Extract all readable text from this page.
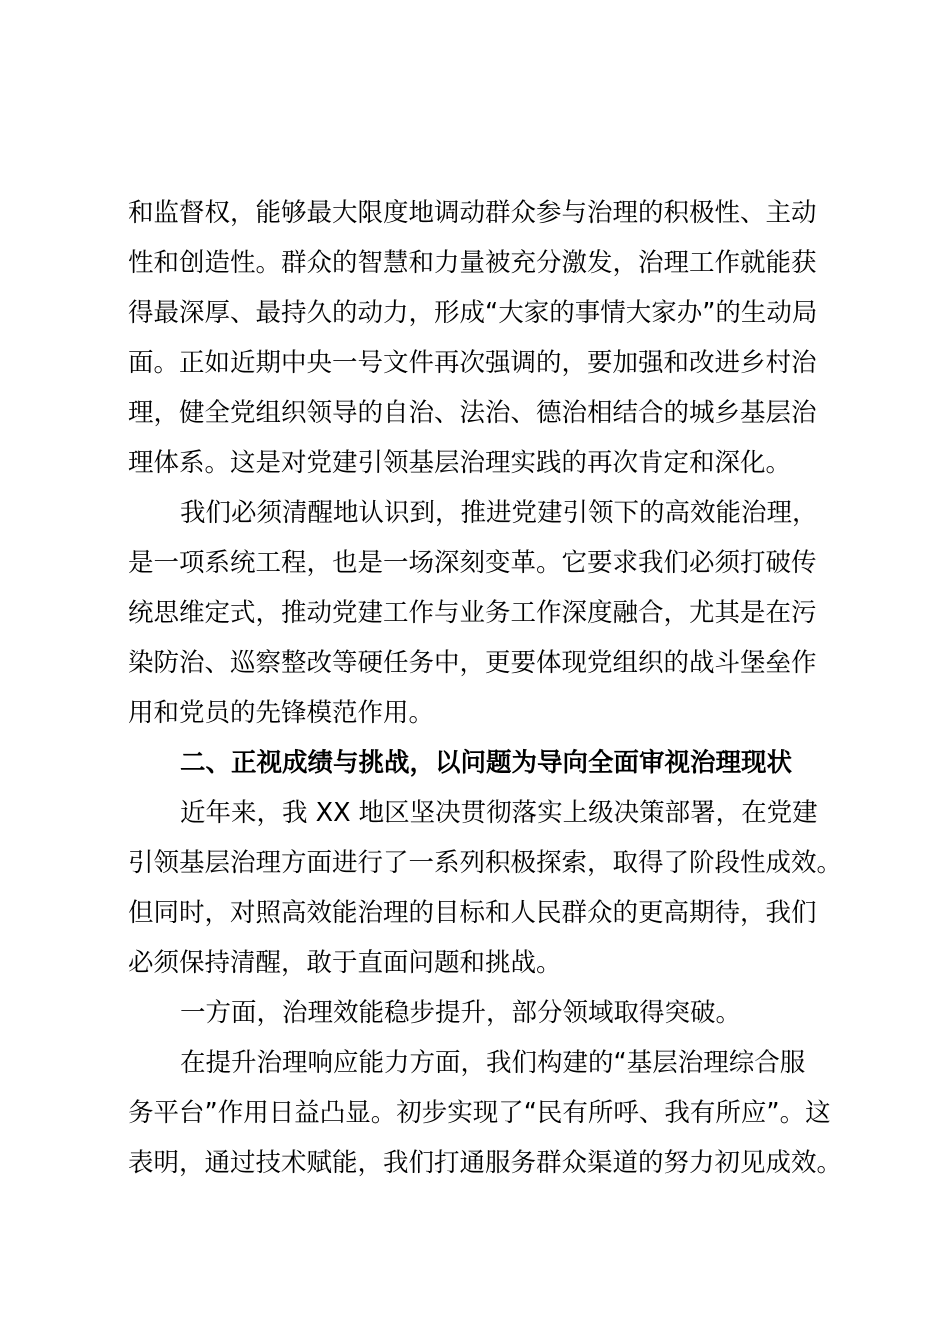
和监督权，能够最大限度地调动群众参与治理的积极性、主动
性和创造性。群众的智慧和力量被充分激发，治理工作就能获
得最深厚、最持久的动力，形成“大家的事情大家办”的生动局
面。正如近期中央一号文件再次强调的，要加强和改进乡村治
理，健全党组织领导的自治、法治、德治相结合的城乡基层治
理体系。这是对党建引领基层治理实践的再次肯定和深化。
我们必须清醒地认识到，推进党建引领下的高效能治理，
是一项系统工程，也是一场深刻变革。它要求我们必须打破传
统思维定式，推动党建工作与业务工作深度融合，尤其是在污
染防治、巡察整改等硬任务中，更要体现党组织的战斗堡垒作
用和党员的先锋模范作用。
二、正视成绩与挑战，以问题为导向全面审视治理现状
近年来，我 XX 地区坚决贯彻落实上级决策部署，在党建
引领基层治理方面进行了一系列积极探索，取得了阶段性成效。
但同时，对照高效能治理的目标和人民群众的更高期待，我们
必须保持清醒，敢于直面问题和挑战。
一方面，治理效能稳步提升，部分领域取得突破。
在提升治理响应能力方面，我们构建的“基层治理综合服
务平台”作用日益凸显。初步实现了“民有所呼、我有所应”。这
表明，通过技术赋能，我们打通服务群众渠道的努力初见成效。
